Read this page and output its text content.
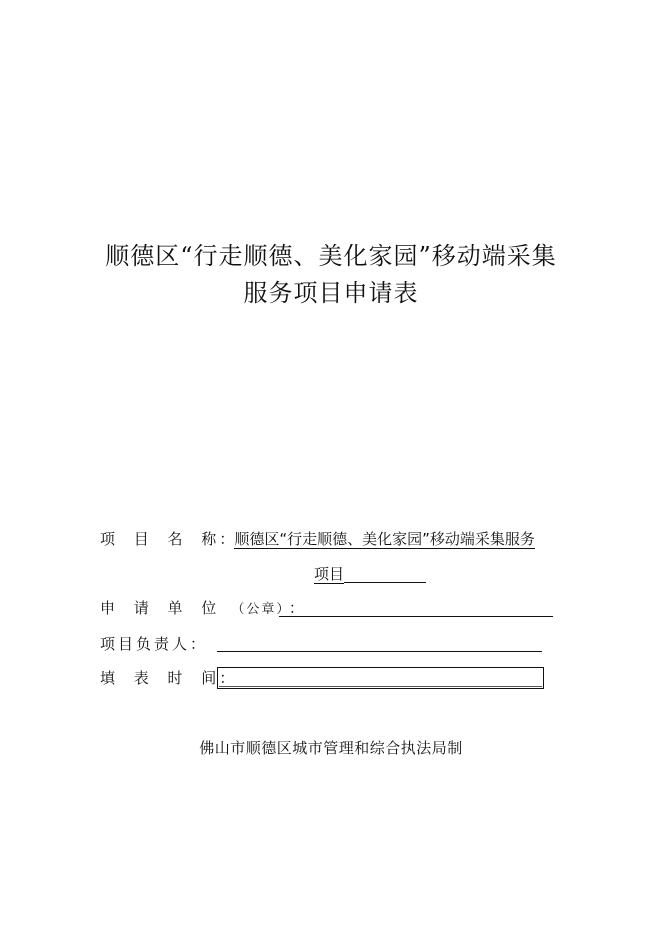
顺德区“行走顺德、美化家园”移动端采集
服务项目申请表
项 目 名 称：顺德区“行走顺德、美化家园”移动端采集服务
项目
申 请 单 位 （公章） ：
项目负责人：
填 表 时 间：
佛山市顺德区城市管理和综合执法局制
